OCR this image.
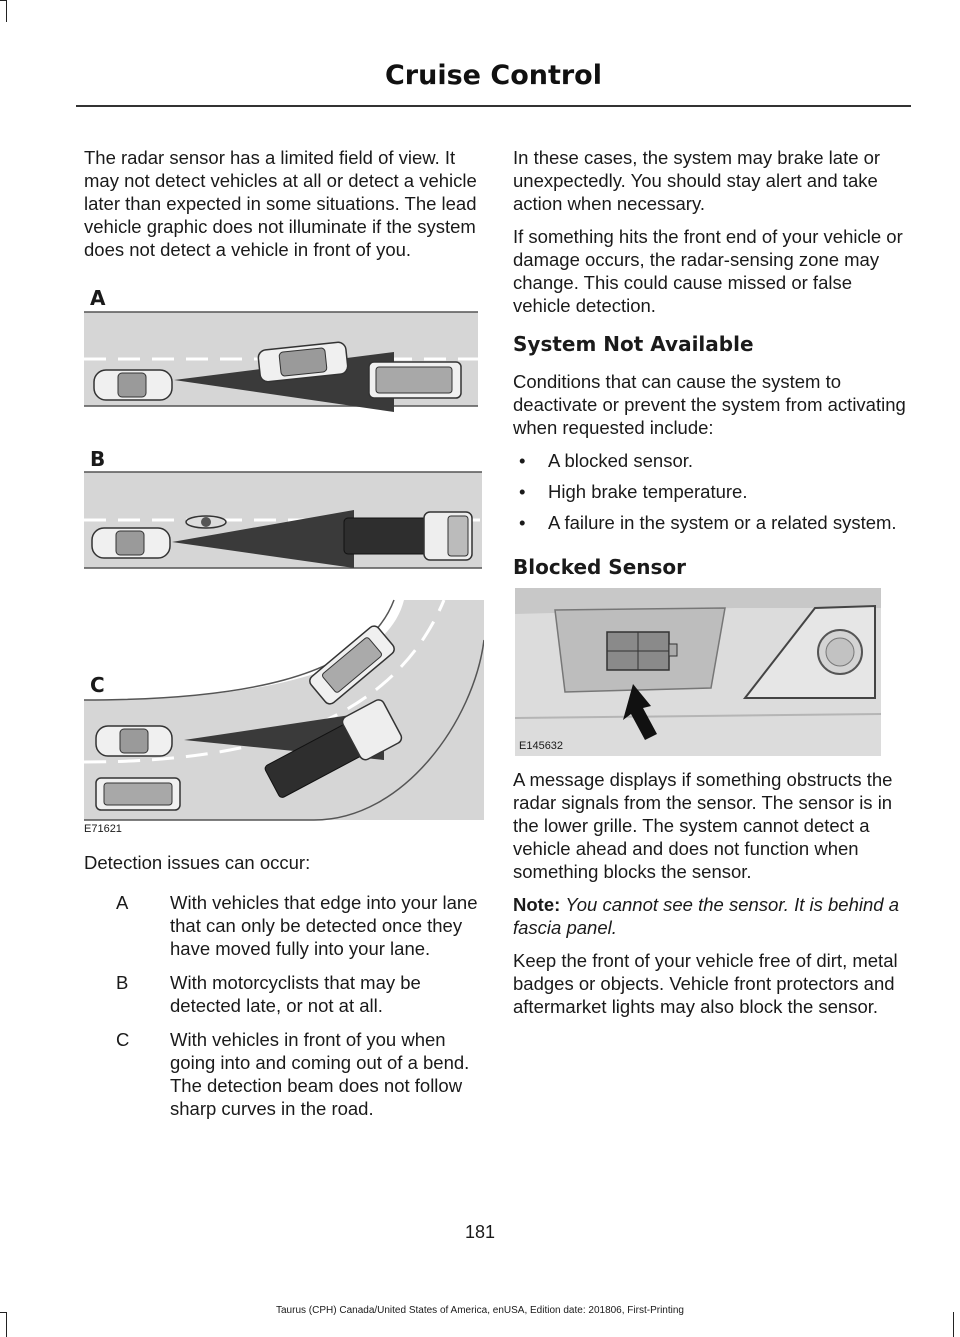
Cruise Control

The radar sensor has a limited field of view. It may not detect vehicles at all or detect a vehicle later than expected in some situations. The lead vehicle graphic does not illuminate if the system does not detect a vehicle in front of you.

A
B
C
E71621

Detection issues can occur:

A	With vehicles that edge into your lane that can only be detected once they have moved fully into your lane.
B	With motorcyclists that may be detected late, or not at all.
C	With vehicles in front of you when going into and coming out of a bend. The detection beam does not follow sharp curves in the road.

In these cases, the system may brake late or unexpectedly. You should stay alert and take action when necessary.

If something hits the front end of your vehicle or damage occurs, the radar-sensing zone may change. This could cause missed or false vehicle detection.

System Not Available

Conditions that can cause the system to deactivate or prevent the system from activating when requested include:

• A blocked sensor.
• High brake temperature.
• A failure in the system or a related system.
Blocked Sensor
E145632

A message displays if something obstructs the radar signals from the sensor. The sensor is in the lower grille. The system cannot detect a vehicle ahead and does not function when something blocks the sensor.

Note: You cannot see the sensor. It is behind a fascia panel.

Keep the front of your vehicle free of dirt, metal badges or objects. Vehicle front protectors and aftermarket lights may also block the sensor.

181
Taurus (CPH) Canada/United States of America, enUSA, Edition date: 201806, First-Printing
